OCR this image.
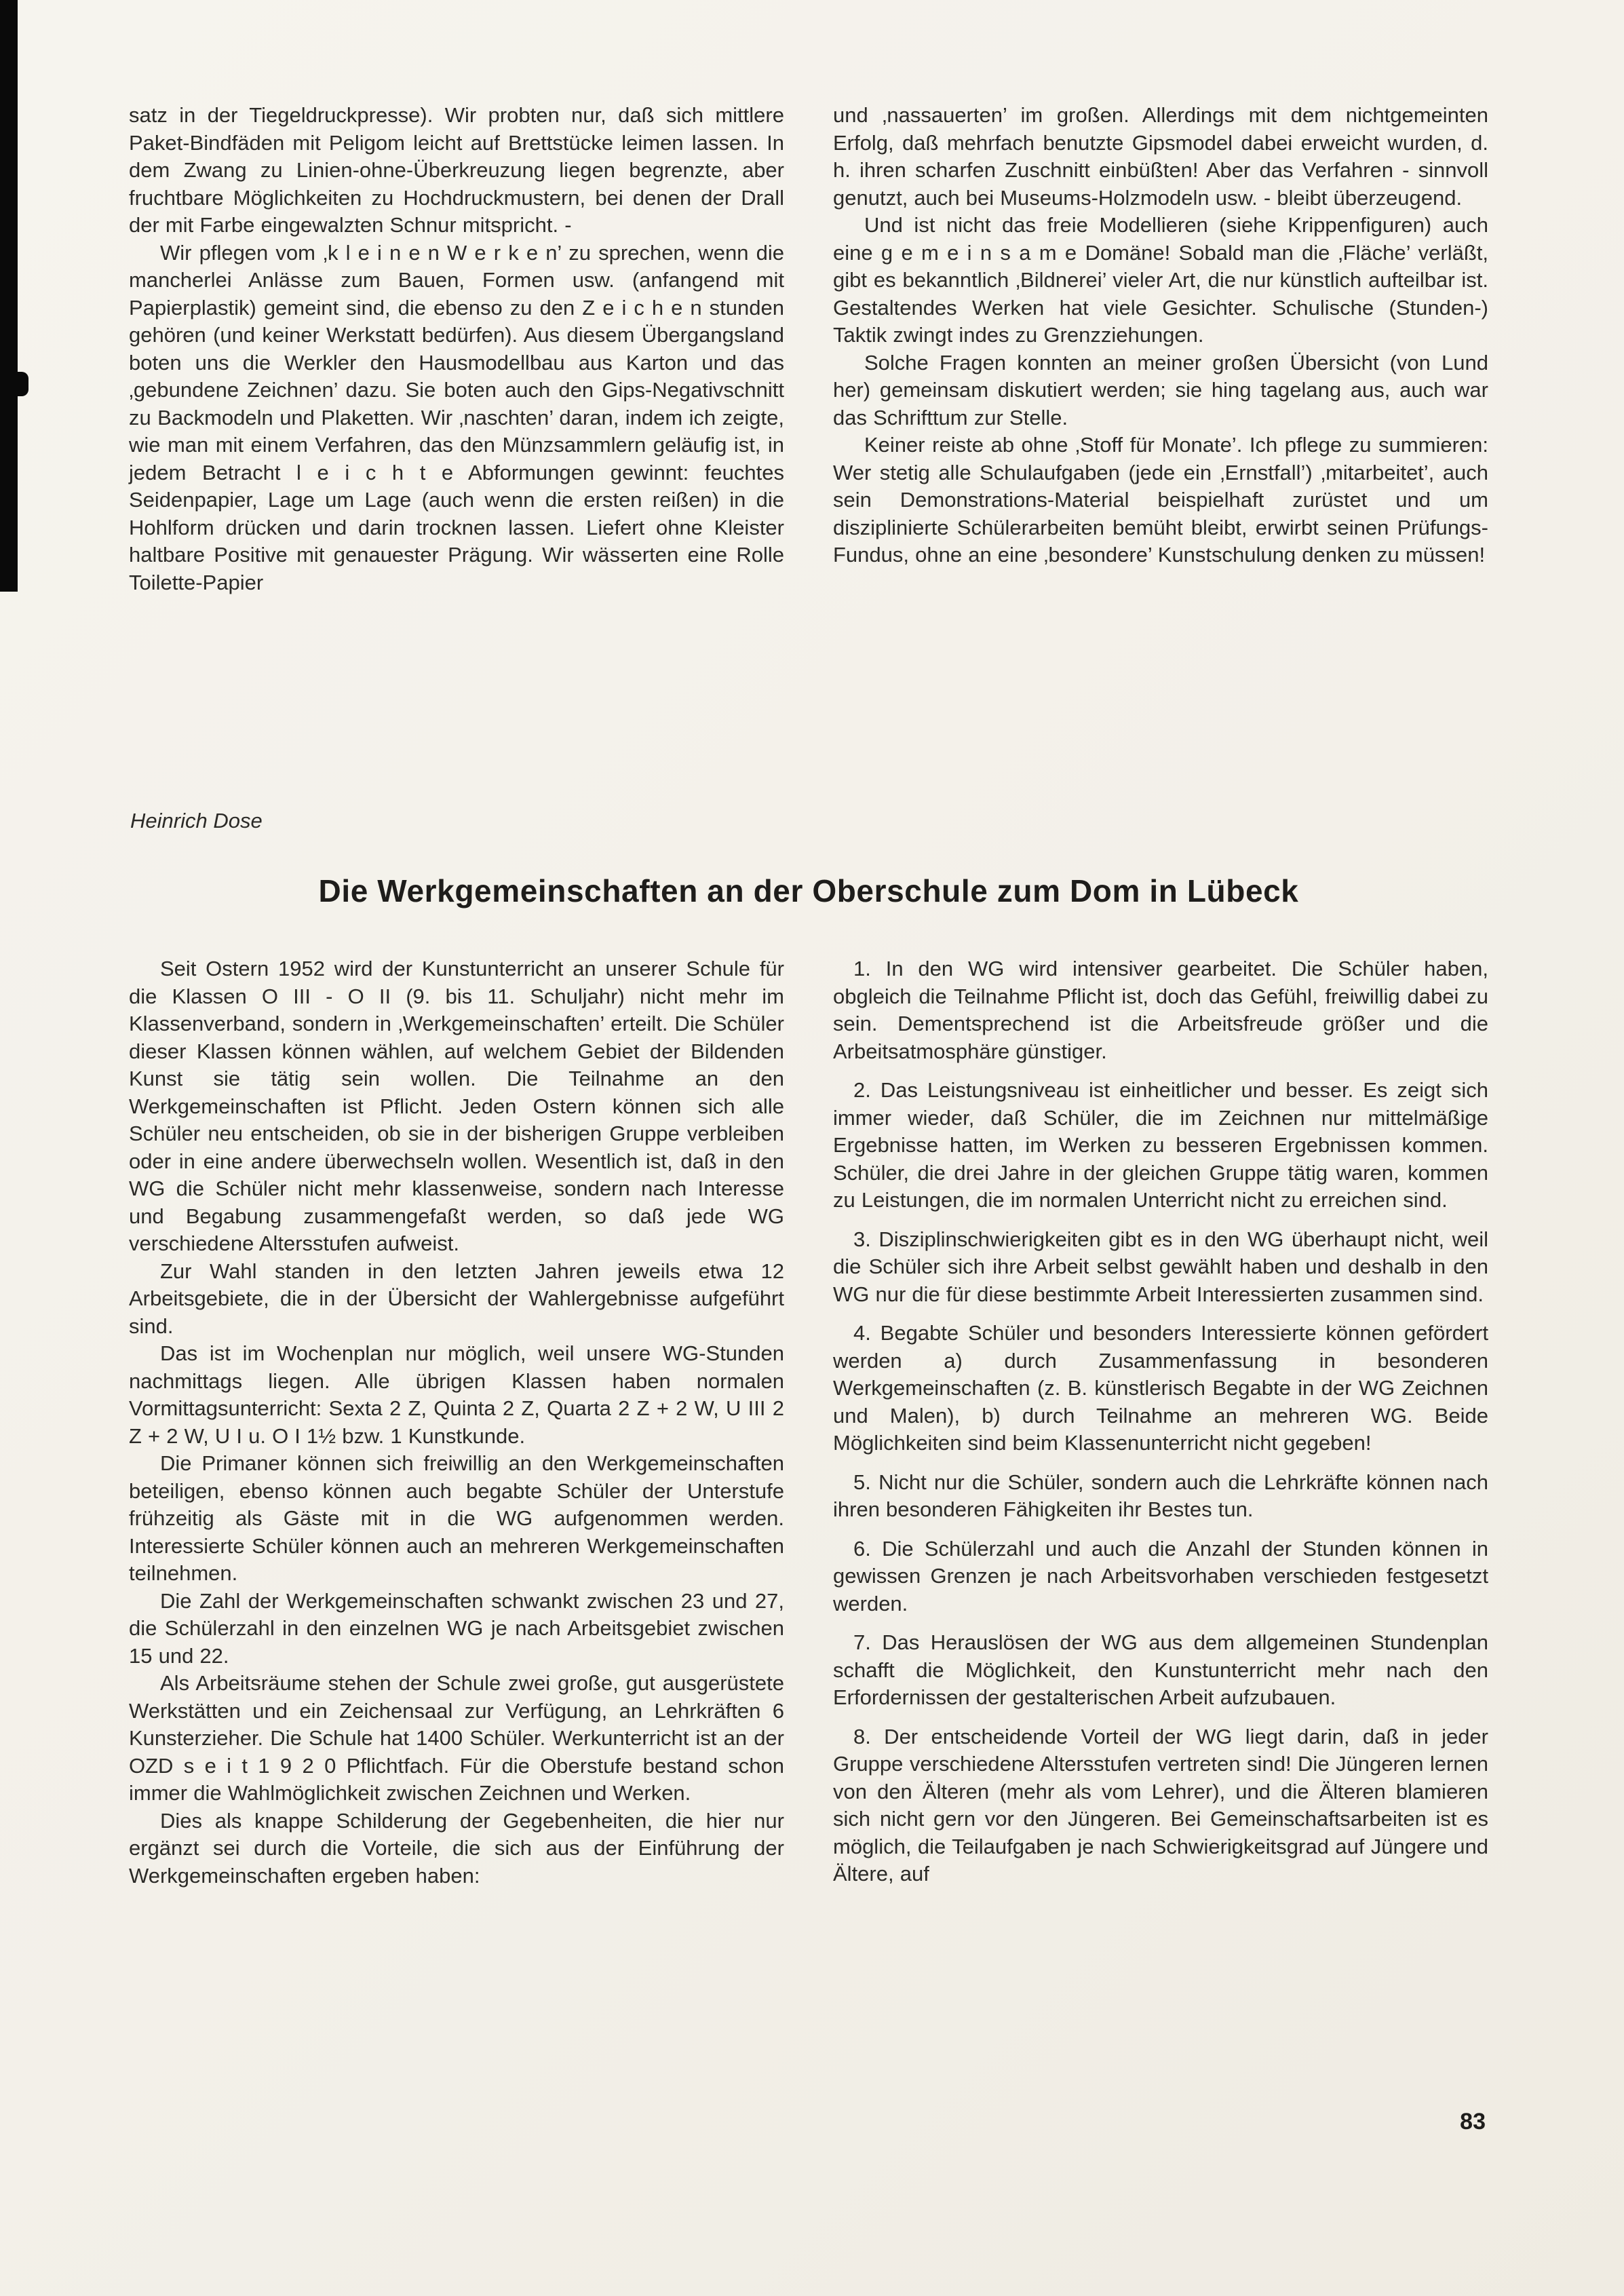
satz in der Tiegeldruckpresse). Wir probten nur, daß sich mittlere Paket-Bindfäden mit Peligom leicht auf Brettstücke leimen lassen. In dem Zwang zu Linien-ohne-Überkreuzung liegen begrenzte, aber fruchtbare Möglichkeiten zu Hochdruckmustern, bei denen der Drall der mit Farbe eingewalzten Schnur mitspricht. -

Wir pflegen vom ‚k l e i n e n W e r k e n’ zu sprechen, wenn die mancherlei Anlässe zum Bauen, Formen usw. (anfangend mit Papierplastik) gemeint sind, die ebenso zu den Z e i c h e n stunden gehören (und keiner Werkstatt bedürfen). Aus diesem Übergangsland boten uns die Werkler den Hausmodellbau aus Karton und das ‚gebundene Zeichnen’ dazu. Sie boten auch den Gips-Negativschnitt zu Backmodeln und Plaketten. Wir ‚naschten’ daran, indem ich zeigte, wie man mit einem Verfahren, das den Münzsammlern geläufig ist, in jedem Betracht l e i c h t e Abformungen gewinnt: feuchtes Seidenpapier, Lage um Lage (auch wenn die ersten reißen) in die Hohlform drücken und darin trocknen lassen. Liefert ohne Kleister haltbare Positive mit genauester Prägung. Wir wässerten eine Rolle Toilette-Papier

und ‚nassauerten’ im großen. Allerdings mit dem nichtgemeinten Erfolg, daß mehrfach benutzte Gipsmodel dabei erweicht wurden, d. h. ihren scharfen Zuschnitt einbüßten! Aber das Verfahren - sinnvoll genutzt, auch bei Museums-Holzmodeln usw. - bleibt überzeugend.

Und ist nicht das freie Modellieren (siehe Krippenfiguren) auch eine g e m e i n s a m e Domäne! Sobald man die ‚Fläche’ verläßt, gibt es bekanntlich ‚Bildnerei’ vieler Art, die nur künstlich aufteilbar ist. Gestaltendes Werken hat viele Gesichter. Schulische (Stunden-) Taktik zwingt indes zu Grenzziehungen.

Solche Fragen konnten an meiner großen Übersicht (von Lund her) gemeinsam diskutiert werden; sie hing tagelang aus, auch war das Schrifttum zur Stelle.

Keiner reiste ab ohne ‚Stoff für Monate’. Ich pflege zu summieren: Wer stetig alle Schulaufgaben (jede ein ‚Ernstfall’) ‚mitarbeitet’, auch sein Demonstrations-Material beispielhaft zurüstet und um disziplinierte Schülerarbeiten bemüht bleibt, erwirbt seinen Prüfungs-Fundus, ohne an eine ‚besondere’ Kunstschulung denken zu müssen!

Heinrich Dose
Die Werkgemeinschaften an der Oberschule zum Dom in Lübeck

Seit Ostern 1952 wird der Kunstunterricht an unserer Schule für die Klassen O III - O II (9. bis 11. Schuljahr) nicht mehr im Klassenverband, sondern in ‚Werkgemeinschaften’ erteilt. Die Schüler dieser Klassen können wählen, auf welchem Gebiet der Bildenden Kunst sie tätig sein wollen. Die Teilnahme an den Werkgemeinschaften ist Pflicht. Jeden Ostern können sich alle Schüler neu entscheiden, ob sie in der bisherigen Gruppe verbleiben oder in eine andere überwechseln wollen. Wesentlich ist, daß in den WG die Schüler nicht mehr klassenweise, sondern nach Interesse und Begabung zusammengefaßt werden, so daß jede WG verschiedene Altersstufen aufweist.

Zur Wahl standen in den letzten Jahren jeweils etwa 12 Arbeitsgebiete, die in der Übersicht der Wahlergebnisse aufgeführt sind.

Das ist im Wochenplan nur möglich, weil unsere WG-Stunden nachmittags liegen. Alle übrigen Klassen haben normalen Vormittagsunterricht: Sexta 2 Z, Quinta 2 Z, Quarta 2 Z + 2 W, U III 2 Z + 2 W, U I u. O I 1½ bzw. 1 Kunstkunde.

Die Primaner können sich freiwillig an den Werkgemeinschaften beteiligen, ebenso können auch begabte Schüler der Unterstufe frühzeitig als Gäste mit in die WG aufgenommen werden. Interessierte Schüler können auch an mehreren Werkgemeinschaften teilnehmen.

Die Zahl der Werkgemeinschaften schwankt zwischen 23 und 27, die Schülerzahl in den einzelnen WG je nach Arbeitsgebiet zwischen 15 und 22.

Als Arbeitsräume stehen der Schule zwei große, gut ausgerüstete Werkstätten und ein Zeichensaal zur Verfügung, an Lehrkräften 6 Kunsterzieher. Die Schule hat 1400 Schüler. Werkunterricht ist an der OZD s e i t 1 9 2 0 Pflichtfach. Für die Oberstufe bestand schon immer die Wahlmöglichkeit zwischen Zeichnen und Werken.

Dies als knappe Schilderung der Gegebenheiten, die hier nur ergänzt sei durch die Vorteile, die sich aus der Einführung der Werkgemeinschaften ergeben haben:

1. In den WG wird intensiver gearbeitet. Die Schüler haben, obgleich die Teilnahme Pflicht ist, doch das Gefühl, freiwillig dabei zu sein. Dementsprechend ist die Arbeitsfreude größer und die Arbeitsatmosphäre günstiger.

2. Das Leistungsniveau ist einheitlicher und besser. Es zeigt sich immer wieder, daß Schüler, die im Zeichnen nur mittelmäßige Ergebnisse hatten, im Werken zu besseren Ergebnissen kommen. Schüler, die drei Jahre in der gleichen Gruppe tätig waren, kommen zu Leistungen, die im normalen Unterricht nicht zu erreichen sind.

3. Disziplinschwierigkeiten gibt es in den WG überhaupt nicht, weil die Schüler sich ihre Arbeit selbst gewählt haben und deshalb in den WG nur die für diese bestimmte Arbeit Interessierten zusammen sind.

4. Begabte Schüler und besonders Interessierte können gefördert werden a) durch Zusammenfassung in besonderen Werkgemeinschaften (z. B. künstlerisch Begabte in der WG Zeichnen und Malen), b) durch Teilnahme an mehreren WG. Beide Möglichkeiten sind beim Klassenunterricht nicht gegeben!

5. Nicht nur die Schüler, sondern auch die Lehrkräfte können nach ihren besonderen Fähigkeiten ihr Bestes tun.

6. Die Schülerzahl und auch die Anzahl der Stunden können in gewissen Grenzen je nach Arbeitsvorhaben verschieden festgesetzt werden.

7. Das Herauslösen der WG aus dem allgemeinen Stundenplan schafft die Möglichkeit, den Kunstunterricht mehr nach den Erfordernissen der gestalterischen Arbeit aufzubauen.

8. Der entscheidende Vorteil der WG liegt darin, daß in jeder Gruppe verschiedene Altersstufen vertreten sind! Die Jüngeren lernen von den Älteren (mehr als vom Lehrer), und die Älteren blamieren sich nicht gern vor den Jüngeren. Bei Gemeinschaftsarbeiten ist es möglich, die Teilaufgaben je nach Schwierigkeitsgrad auf Jüngere und Ältere, auf

83
